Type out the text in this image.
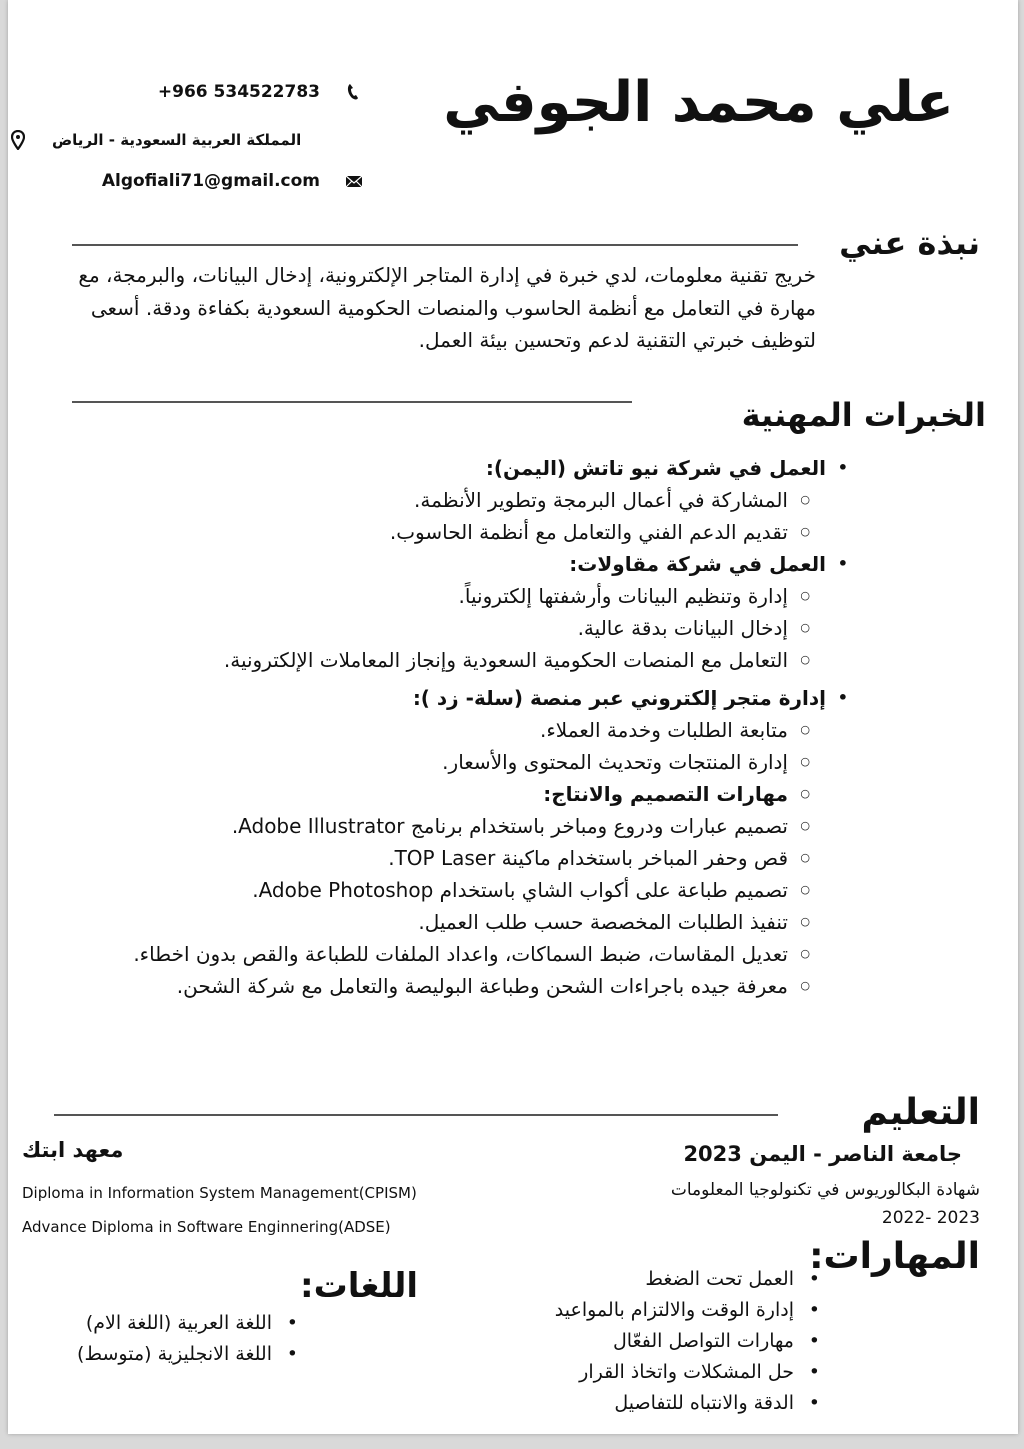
علي محمد الجوفي
+966 534522783
المملكة العربية السعودية - الرياض
Algofiali71@gmail.com
نبذة عني
خريج تقنية معلومات، لدي خبرة في إدارة المتاجر الإلكترونية، إدخال البيانات، والبرمجة، مع مهارة في التعامل مع أنظمة الحاسوب والمنصات الحكومية السعودية بكفاءة ودقة. أسعى لتوظيف خبرتي التقنية لدعم وتحسين بيئة العمل.
الخبرات المهنية
• العمل في شركة نيو تاتش (اليمن):
○ المشاركة في أعمال البرمجة وتطوير الأنظمة.
○ تقديم الدعم الفني والتعامل مع أنظمة الحاسوب.
• العمل في شركة مقاولات:
○ إدارة وتنظيم البيانات وأرشفتها إلكترونياً.
○ إدخال البيانات بدقة عالية.
○ التعامل مع المنصات الحكومية السعودية وإنجاز المعاملات الإلكترونية.
• إدارة متجر إلكتروني عبر منصة (سلة- زد ):
○ متابعة الطلبات وخدمة العملاء.
○ إدارة المنتجات وتحديث المحتوى والأسعار.
○ مهارات التصميم والانتاج:
○ تصميم عبارات ودروع ومباخر باستخدام برنامج Adobe Illustrator.
○ قص وحفر المباخر باستخدام ماكينة TOP Laser.
○ تصميم طباعة على أكواب الشاي باستخدام Adobe Photoshop.
○ تنفيذ الطلبات المخصصة حسب طلب العميل.
○ تعديل المقاسات، ضبط السماكات، واعداد الملفات للطباعة والقص بدون اخطاء.
○ معرفة جيده باجراءات الشحن وطباعة البوليصة والتعامل مع شركة الشحن.
التعليم
جامعة الناصر - اليمن 2023
شهادة البكالوريوس في تكنولوجيا المعلومات
2023 -2022
معهد ابتك
Diploma in Information System Management(CPISM)
Advance Diploma in Software Enginnering(ADSE)
المهارات:
• العمل تحت الضغط
• إدارة الوقت والالتزام بالمواعيد
• مهارات التواصل الفعّال
• حل المشكلات واتخاذ القرار
• الدقة والانتباه للتفاصيل
اللغات:
• اللغة العربية (اللغة الام)
• اللغة الانجليزية (متوسط)
